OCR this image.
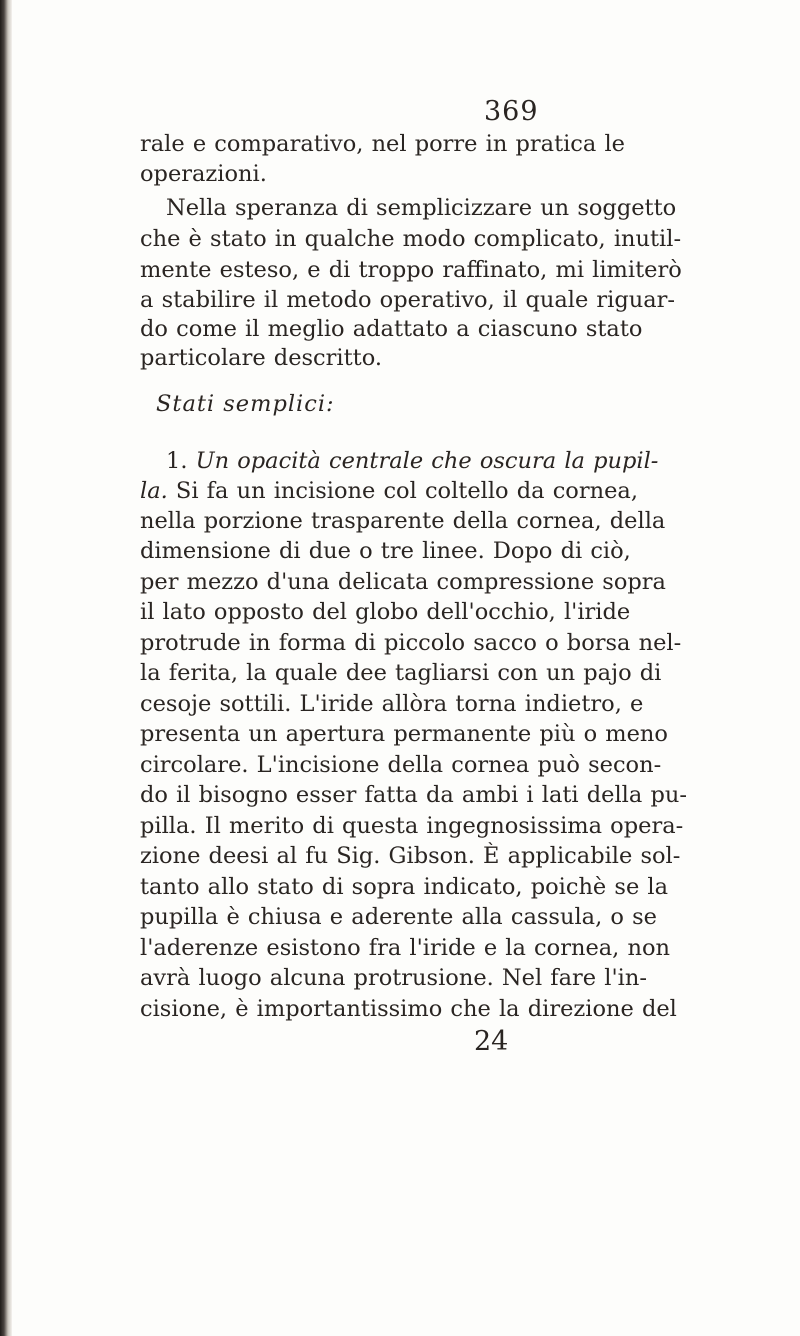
369
rale e comparativo, nel porre in pratica le
operazioni.
Nella speranza di semplicizzare un soggetto
che è stato in qualche modo complicato, inutil-
mente esteso, e di troppo raffinato, mi limiterò
a stabilire il metodo operativo, il quale riguar-
do come il meglio adattato a ciascuno stato
particolare descritto.
Stati semplici:
1. Un opacità centrale che oscura la pupil-
la. Si fa un incisione col coltello da cornea,
nella porzione trasparente della cornea, della
dimensione di due o tre linee. Dopo di ciò,
per mezzo d'una delicata compressione sopra
il lato opposto del globo dell'occhio, l'iride
protrude in forma di piccolo sacco o borsa nel-
la ferita, la quale dee tagliarsi con un pajo di
cesoje sottili. L'iride allòra torna indietro, e
presenta un apertura permanente più o meno
circolare. L'incisione della cornea può secon-
do il bisogno esser fatta da ambi i lati della pu-
pilla. Il merito di questa ingegnosissima opera-
zione deesi al fu Sig. Gibson. È applicabile sol-
tanto allo stato di sopra indicato, poichè se la
pupilla è chiusa e aderente alla cassula, o se
l'aderenze esistono fra l'iride e la cornea, non
avrà luogo alcuna protrusione. Nel fare l'in-
cisione, è importantissimo che la direzione del
24
